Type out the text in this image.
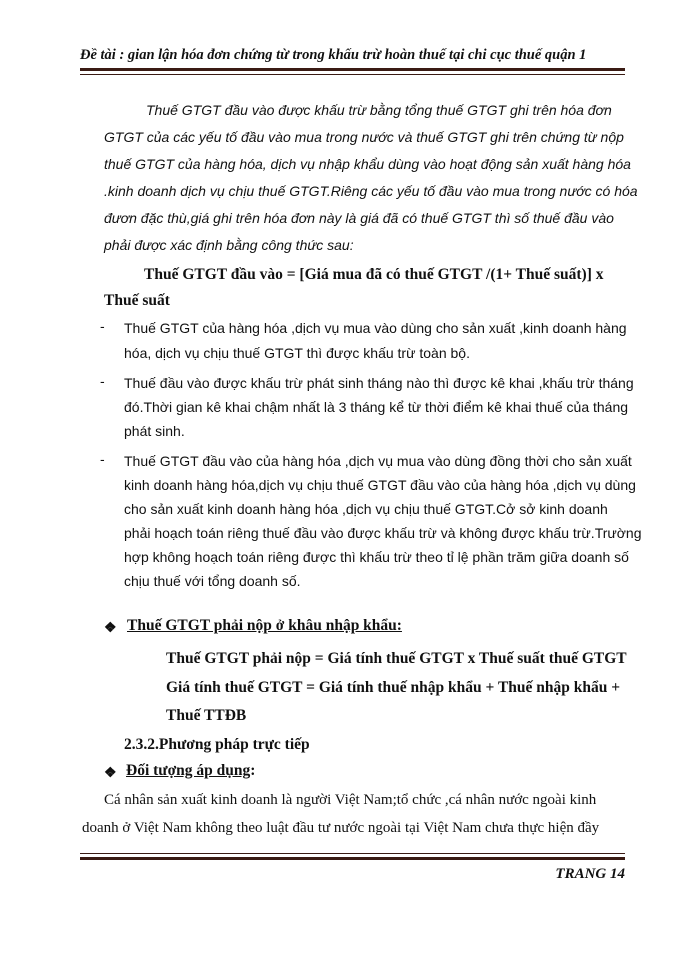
Đề tài : gian lận hóa đơn chứng từ trong khấu trừ hoàn thuế tại chi cục thuế quận 1
Thuế GTGT đầu vào được khấu trừ bằng tổng thuế GTGT ghi trên hóa đơn
GTGT của các yếu tố đầu vào mua trong nước và thuế GTGT ghi trên chứng từ nộp
thuế GTGT của hàng hóa, dịch vụ nhập khẩu dùng vào hoạt động sản xuất hàng hóa
.kinh doanh dịch vụ chịu thuế GTGT.Riêng các yếu tố đầu vào mua trong nước có hóa
đươn đặc thù,giá ghi trên hóa đơn này là giá đã có thuế GTGT thì số thuế đầu vào
phải được xác định bằng công thức sau:
Thuế GTGT đầu vào = [Giá mua đã có thuế GTGT /(1+ Thuế suất)] x
Thuế suất
- Thuế GTGT của hàng hóa ,dịch vụ mua vào dùng cho sản xuất ,kinh doanh hàng
hóa, dịch vụ chịu thuế GTGT thì được khấu trừ toàn bộ.
- Thuế đầu vào được khấu trừ phát sinh tháng nào thì được kê khai ,khấu trừ tháng
đó.Thời gian kê khai chậm nhất là 3 tháng kể từ thời điểm kê khai thuế của tháng
phát sinh.
- Thuế GTGT đầu vào của hàng hóa ,dịch vụ mua vào dùng đồng thời cho sản xuất
kinh doanh hàng hóa,dịch vụ chịu thuế GTGT đầu vào của hàng hóa ,dịch vụ dùng
cho sản xuất kinh doanh hàng hóa ,dịch vụ chịu thuế GTGT.Cở sở kinh doanh
phải hoạch toán riêng thuế đầu vào được khấu trừ và không được khấu trừ.Trường
hợp không hoạch toán riêng được thì khấu trừ theo tỉ lệ phần trăm giữa doanh số
chịu thuế với tổng doanh số.
❖ Thuế GTGT phải nộp ở khâu nhập khẩu:
Thuế GTGT phải nộp = Giá tính thuế GTGT x Thuế suất thuế GTGT
Giá tính thuế GTGT = Giá tính thuế nhập khẩu + Thuế nhập khẩu +
Thuế TTĐB
2.3.2.Phương pháp trực tiếp
❖ Đối tượng áp dụng:
Cá nhân sản xuất kinh doanh là người Việt Nam;tổ chức ,cá nhân nước ngoài kinh
doanh ở Việt Nam không theo luật đầu tư nước ngoài tại Việt Nam chưa thực hiện đầy
TRANG 14
